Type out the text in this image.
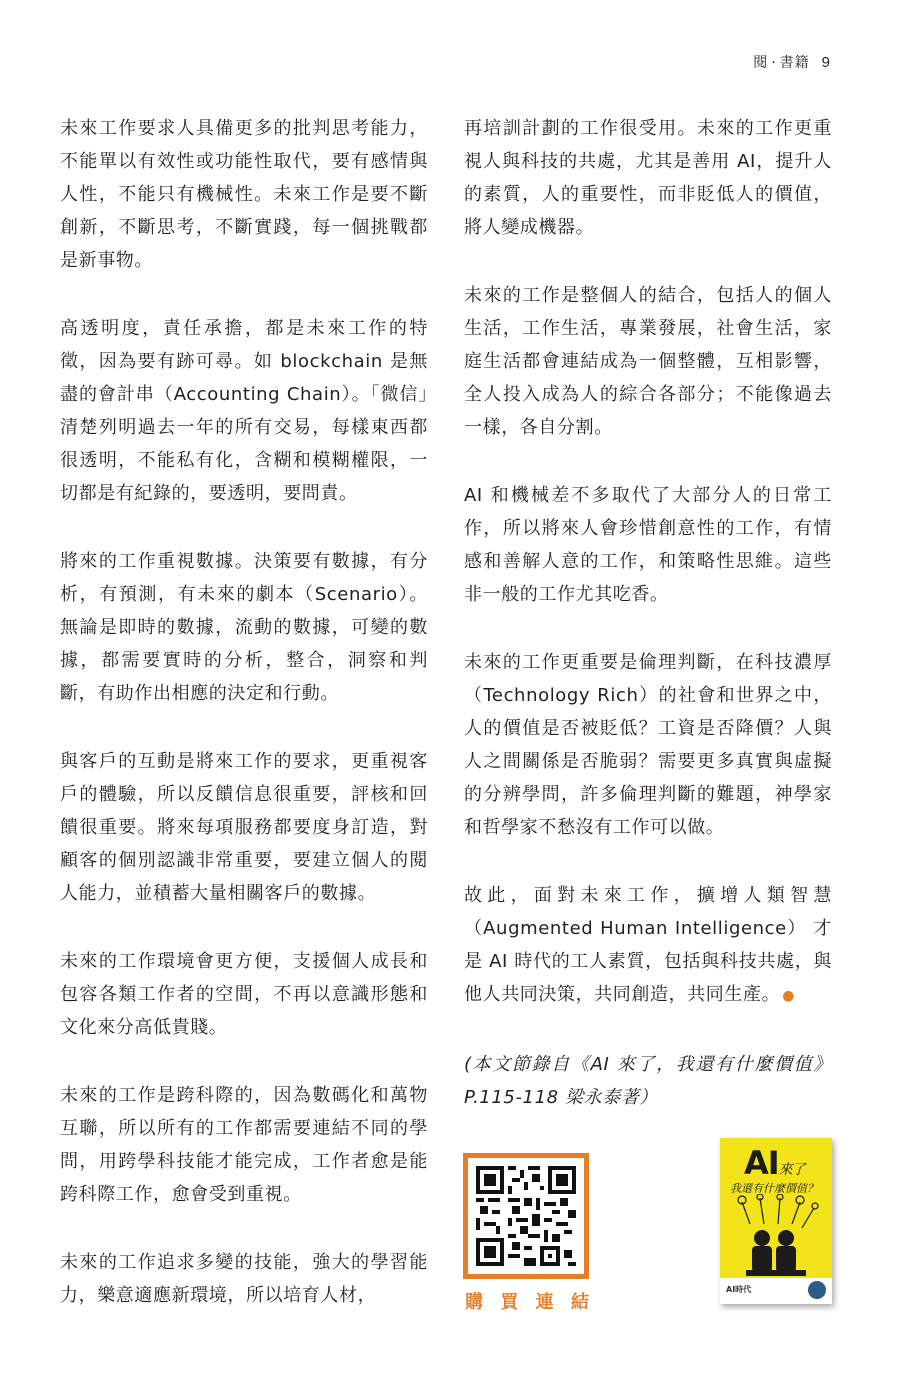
閱 · 書籍 9

未來工作要求人具備更多的批判思考能力，不能單以有效性或功能性取代，要有感情與人性，不能只有機械性。未來工作是要不斷創新，不斷思考，不斷實踐，每一個挑戰都是新事物。

高透明度，責任承擔，都是未來工作的特徵，因為要有跡可尋。如 blockchain 是無盡的會計串（Accounting Chain）。「微信」清楚列明過去一年的所有交易，每樣東西都很透明，不能私有化，含糊和模糊權限，一切都是有紀錄的，要透明，要問責。

將來的工作重視數據。決策要有數據，有分析，有預測，有未來的劇本（Scenario）。無論是即時的數據，流動的數據，可變的數據，都需要實時的分析，整合，洞察和判斷，有助作出相應的決定和行動。

與客戶的互動是將來工作的要求，更重視客戶的體驗，所以反饋信息很重要，評核和回饋很重要。將來每項服務都要度身訂造，對顧客的個別認識非常重要，要建立個人的閱人能力，並積蓄大量相關客戶的數據。

未來的工作環境會更方便，支援個人成長和包容各類工作者的空間，不再以意識形態和文化來分高低貴賤。

未來的工作是跨科際的，因為數碼化和萬物互聯，所以所有的工作都需要連結不同的學問，用跨學科技能才能完成，工作者愈是能跨科際工作，愈會受到重視。

未來的工作追求多變的技能，強大的學習能力，樂意適應新環境，所以培育人材，

再培訓計劃的工作很受用。未來的工作更重視人與科技的共處，尤其是善用 AI，提升人的素質，人的重要性，而非貶低人的價值，將人變成機器。

未來的工作是整個人的結合，包括人的個人生活，工作生活，專業發展，社會生活，家庭生活都會連結成為一個整體，互相影響，全人投入成為人的綜合各部分；不能像過去一樣，各自分割。

AI 和機械差不多取代了大部分人的日常工作，所以將來人會珍惜創意性的工作，有情感和善解人意的工作，和策略性思維。這些非一般的工作尤其吃香。

未來的工作更重要是倫理判斷，在科技濃厚（Technology Rich）的社會和世界之中，人的價值是否被貶低？工資是否降價？人與人之間關係是否脆弱？需要更多真實與虛擬的分辨學問，許多倫理判斷的難題，神學家和哲學家不愁沒有工作可以做。

故此，面對未來工作，擴增人類智慧（Augmented Human Intelligence） 才 是 AI 時代的工人素質，包括與科技共處，與他人共同決策，共同創造，共同生產。 ●

(本文節錄自《AI 來了，我還有什麼價值》P.115-118 梁永泰著）

購 買 連 結
AI來了
我還有什麼價值？
AI時代
